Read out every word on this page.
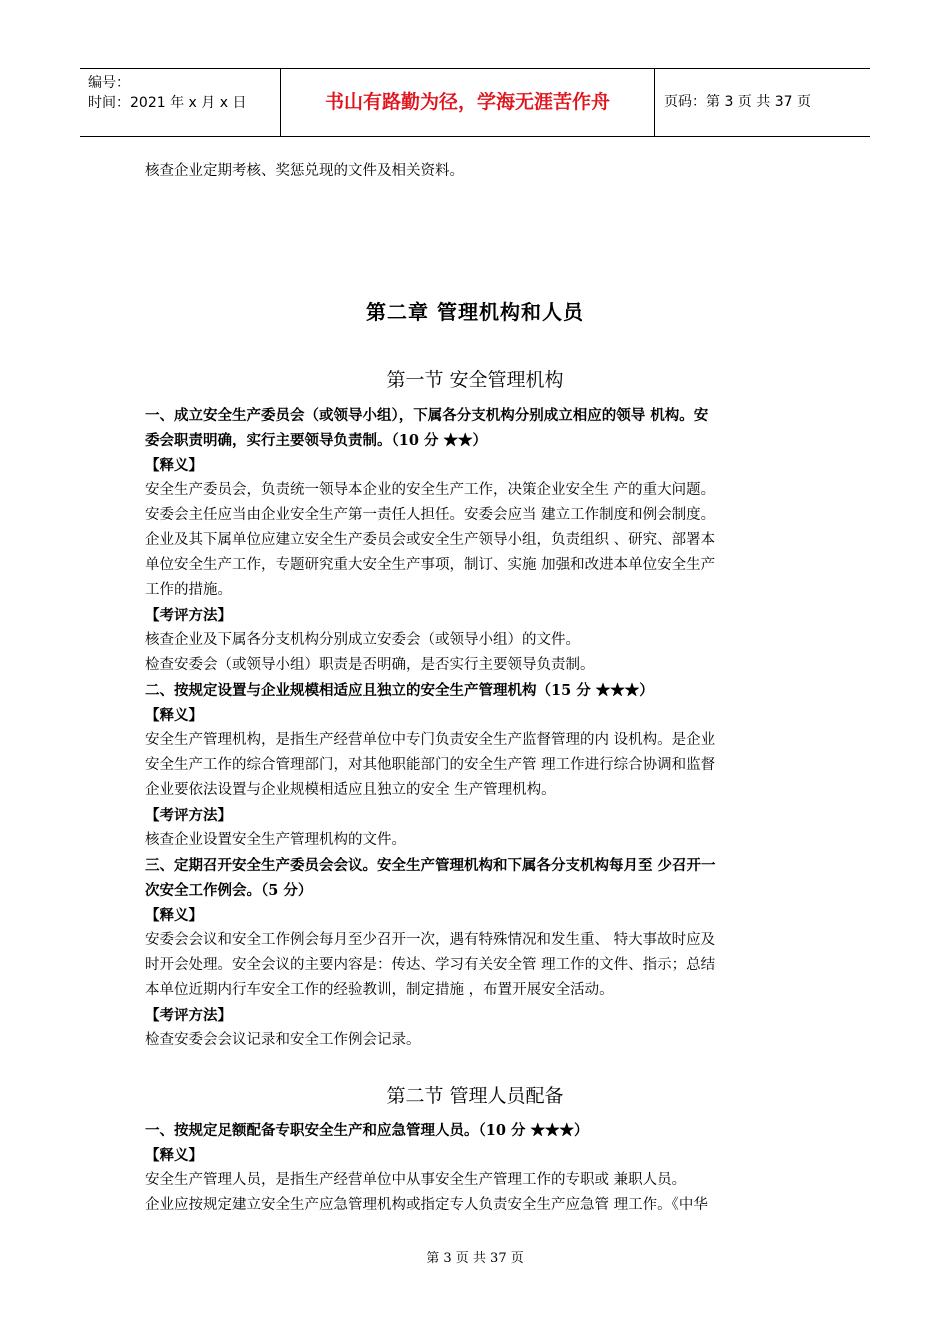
编号：
时间：2021 年 x 月 x 日	书山有路勤为径，学海无涯苦作舟	页码：第 3 页 共 37 页
核查企业定期考核、奖惩兑现的文件及相关资料。
第二章 管理机构和人员
第一节 安全管理机构
一、成立安全生产委员会（或领导小组），下属各分支机构分别成立相应的领导 机构。安
委会职责明确，实行主要领导负责制。（10 分 ★★）
【释义】
安全生产委员会，负责统一领导本企业的安全生产工作，决策企业安全生 产的重大问题。
安委会主任应当由企业安全生产第一责任人担任。安委会应当 建立工作制度和例会制度。
企业及其下属单位应建立安全生产委员会或安全生产领导小组，负责组织 、研究、部署本
单位安全生产工作，专题研究重大安全生产事项，制订、实施 加强和改进本单位安全生产
工作的措施。
【考评方法】
核查企业及下属各分支机构分别成立安委会（或领导小组）的文件。
检查安委会（或领导小组）职责是否明确，是否实行主要领导负责制。
二、按规定设置与企业规模相适应且独立的安全生产管理机构（15 分 ★★★）
【释义】
安全生产管理机构，是指生产经营单位中专门负责安全生产监督管理的内 设机构。是企业
安全生产工作的综合管理部门，对其他职能部门的安全生产管 理工作进行综合协调和监督
企业要依法设置与企业规模相适应且独立的安全 生产管理机构。
【考评方法】
核查企业设置安全生产管理机构的文件。
三、定期召开安全生产委员会会议。安全生产管理机构和下属各分支机构每月至 少召开一
次安全工作例会。（5 分）
【释义】
安委会会议和安全工作例会每月至少召开一次，遇有特殊情况和发生重、 特大事故时应及
时开会处理。安全会议的主要内容是：传达、学习有关安全管 理工作的文件、指示；总结
本单位近期内行车安全工作的经验教训，制定措施 ，布置开展安全活动。
【考评方法】
检查安委会会议记录和安全工作例会记录。
第二节 管理人员配备
一、按规定足额配备专职安全生产和应急管理人员。（10 分 ★★★）
【释义】
安全生产管理人员，是指生产经营单位中从事安全生产管理工作的专职或 兼职人员。
企业应按规定建立安全生产应急管理机构或指定专人负责安全生产应急管 理工作。《中华
第 3 页 共 37 页
